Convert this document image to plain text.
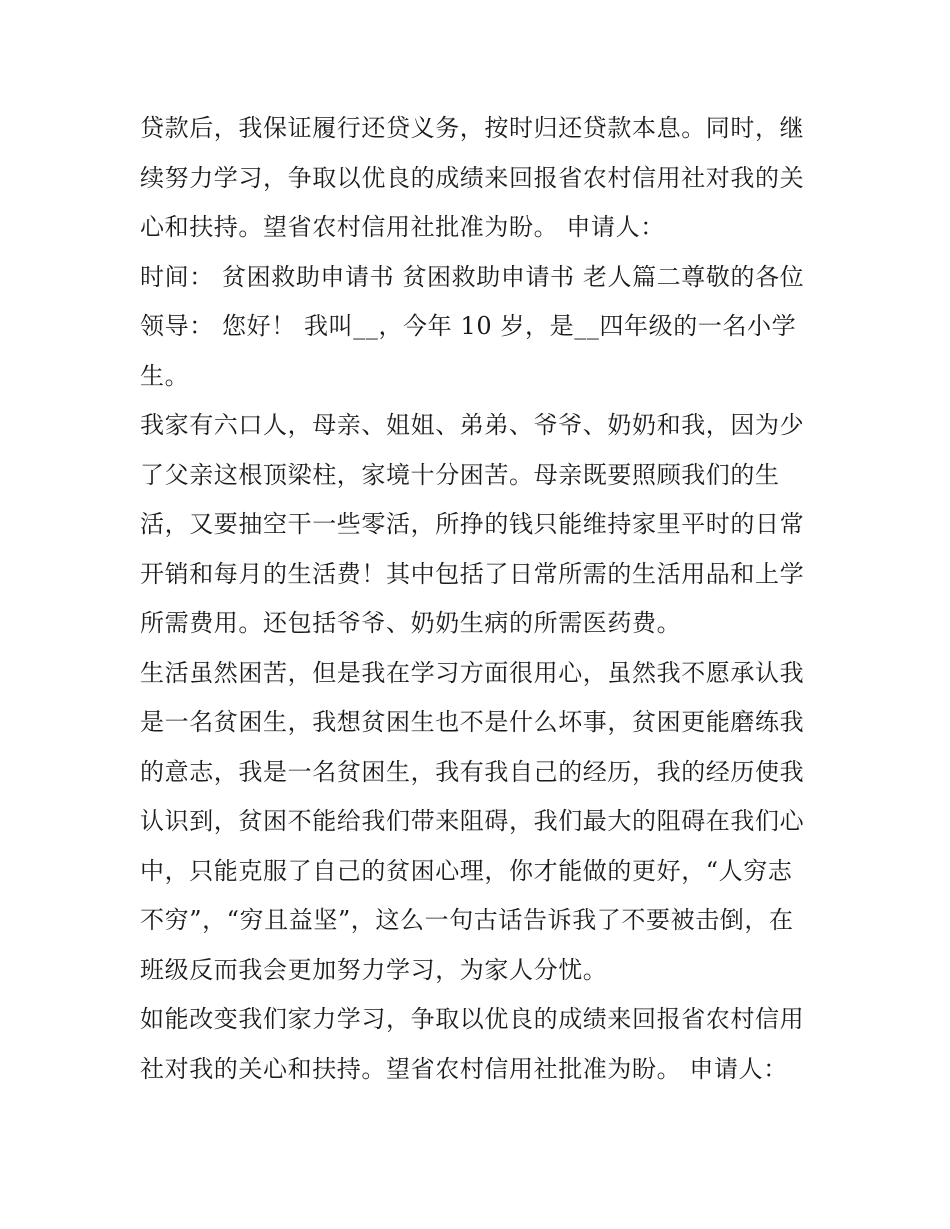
贷款后，我保证履行还贷义务，按时归还贷款本息。同时，继
续努力学习，争取以优良的成绩来回报省农村信用社对我的关
心和扶持。望省农村信用社批准为盼。 申请人：

时间： 贫困救助申请书 贫困救助申请书 老人篇二尊敬的各位
领导： 您好！ 我叫__，今年 10 岁，是__四年级的一名小学
生。

我家有六口人，母亲、姐姐、弟弟、爷爷、奶奶和我，因为少
了父亲这根顶梁柱，家境十分困苦。母亲既要照顾我们的生
活，又要抽空干一些零活，所挣的钱只能维持家里平时的日常
开销和每月的生活费！其中包括了日常所需的生活用品和上学
所需费用。还包括爷爷、奶奶生病的所需医药费。

生活虽然困苦，但是我在学习方面很用心，虽然我不愿承认我
是一名贫困生，我想贫困生也不是什么坏事，贫困更能磨练我
的意志，我是一名贫困生，我有我自己的经历，我的经历使我
认识到，贫困不能给我们带来阻碍，我们最大的阻碍在我们心
中，只能克服了自己的贫困心理，你才能做的更好，“人穷志
不穷”，“穷且益坚”，这么一句古话告诉我了不要被击倒，在
班级反而我会更加努力学习，为家人分忧。

如能改变我们家力学习，争取以优良的成绩来回报省农村信用
社对我的关心和扶持。望省农村信用社批准为盼。 申请人：
